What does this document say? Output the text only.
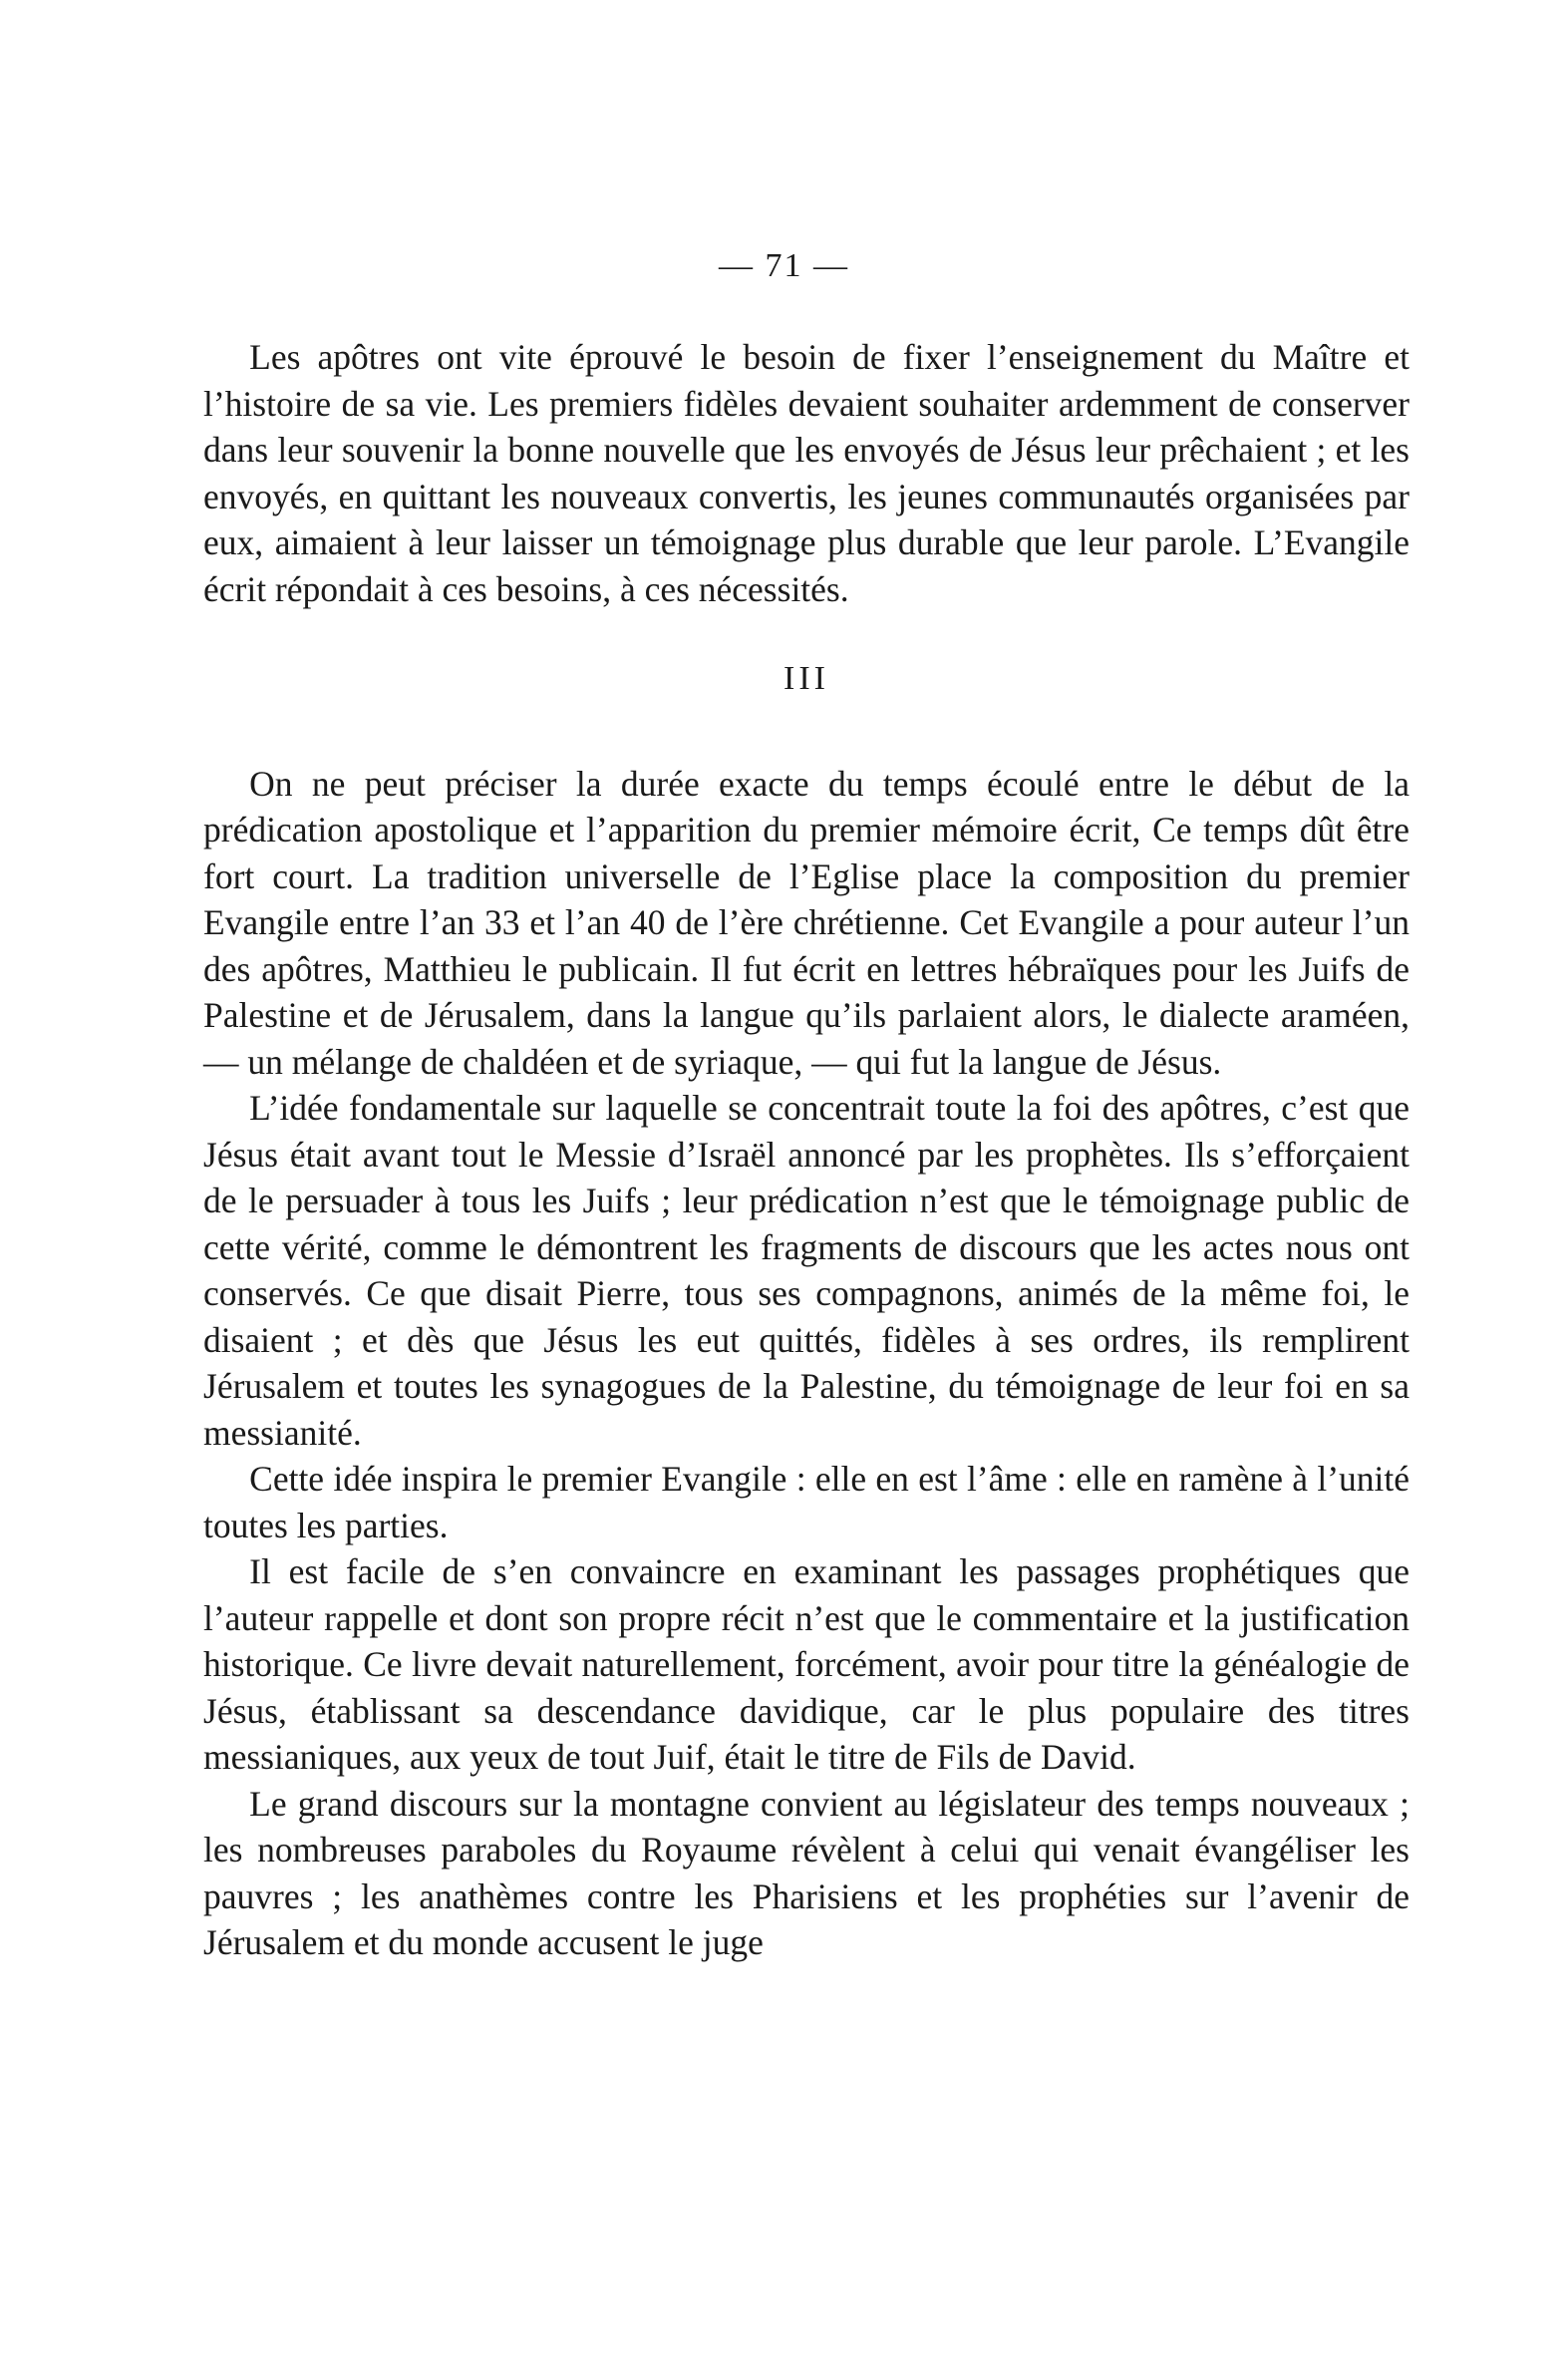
— 71 —

Les apôtres ont vite éprouvé le besoin de fixer l’enseignement du Maître et l’histoire de sa vie. Les premiers fidèles devaient souhaiter ardemment de conserver dans leur souvenir la bonne nouvelle que les envoyés de Jésus leur prêchaient ; et les envoyés, en quittant les nouveaux convertis, les jeunes communautés organisées par eux, aimaient à leur laisser un témoignage plus durable que leur parole. L’Evangile écrit répondait à ces besoins, à ces nécessités.

III

On ne peut préciser la durée exacte du temps écoulé entre le début de la prédication apostolique et l’apparition du premier mémoire écrit, Ce temps dût être fort court. La tradition universelle de l’Eglise place la composition du premier Evangile entre l’an 33 et l’an 40 de l’ère chrétienne. Cet Evangile a pour auteur l’un des apôtres, Matthieu le publicain. Il fut écrit en lettres hébraïques pour les Juifs de Palestine et de Jérusalem, dans la langue qu’ils parlaient alors, le dialecte araméen, — un mélange de chaldéen et de syriaque, — qui fut la langue de Jésus.

L’idée fondamentale sur laquelle se concentrait toute la foi des apôtres, c’est que Jésus était avant tout le Messie d’Israël annoncé par les prophètes. Ils s’efforçaient de le persuader à tous les Juifs ; leur prédication n’est que le témoignage public de cette vérité, comme le démontrent les fragments de discours que les actes nous ont conservés. Ce que disait Pierre, tous ses compagnons, animés de la même foi, le disaient ; et dès que Jésus les eut quittés, fidèles à ses ordres, ils remplirent Jérusalem et toutes les synagogues de la Palestine, du témoignage de leur foi en sa messianité.

Cette idée inspira le premier Evangile : elle en est l’âme : elle en ramène à l’unité toutes les parties.

Il est facile de s’en convaincre en examinant les passages prophétiques que l’auteur rappelle et dont son propre récit n’est que le commentaire et la justification historique. Ce livre devait naturellement, forcément, avoir pour titre la généalogie de Jésus, établissant sa descendance davidique, car le plus populaire des titres messianiques, aux yeux de tout Juif, était le titre de Fils de David.

Le grand discours sur la montagne convient au législateur des temps nouveaux ; les nombreuses paraboles du Royaume révèlent à celui qui venait évangéliser les pauvres ; les anathèmes contre les Pharisiens et les prophéties sur l’avenir de Jérusalem et du monde accusent le juge
